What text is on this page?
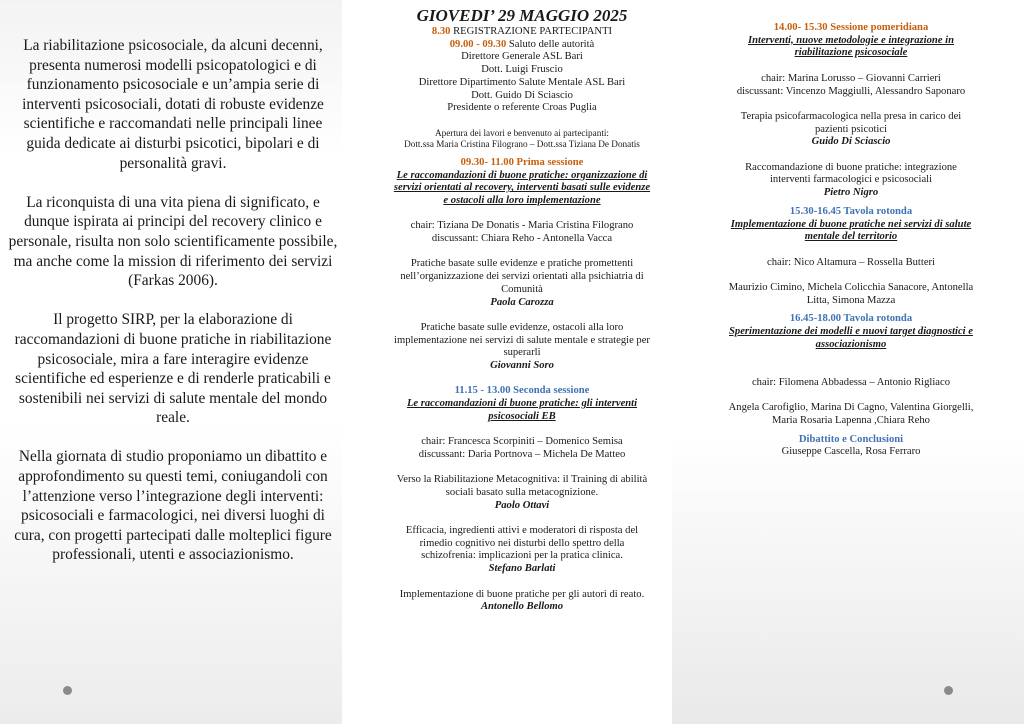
La riabilitazione psicosociale, da alcuni decenni, presenta numerosi modelli psicopatologici e di funzionamento psicosociale e un’ampia serie di interventi psicosociali, dotati di robuste evidenze scientifiche e raccomandati nelle principali linee guida dedicate ai disturbi psicotici, bipolari e di personalità gravi.

La riconquista di una vita piena di significato, e dunque ispirata ai principi del recovery clinico e personale, risulta non solo scientificamente possibile, ma anche come la mission di riferimento dei servizi (Farkas 2006).

Il progetto SIRP, per la elaborazione di raccomandazioni di buone pratiche in riabilitazione psicosociale, mira a fare interagire evidenze scientifiche ed esperienze e di renderle praticabili e sostenibili nei servizi di salute mentale del mondo reale.

Nella giornata di studio proponiamo un dibattito e approfondimento su questi temi, coniugandoli con l’attenzione verso l’integrazione degli interventi: psicosociali e farmacologici, nei diversi luoghi di cura, con progetti partecipati dalle molteplici figure professionali, utenti e associazionismo.

GIOVEDI’ 29 MAGGIO 2025
8.30 REGISTRAZIONE PARTECIPANTI
09.00 - 09.30 Saluto delle autorità
Direttore Generale ASL Bari
Dott. Luigi Fruscio
Direttore Dipartimento Salute Mentale ASL Bari
Dott. Guido Di Sciascio
Presidente o referente Croas Puglia
Apertura dei lavori e benvenuto ai partecipanti:
Dott.ssa Maria Cristina Filograno – Dott.ssa Tiziana De Donatis
09.30- 11.00 Prima sessione
Le raccomandazioni di buone pratiche: organizzazione di
servizi orientati al recovery, interventi basati sulle evidenze
e ostacoli alla loro implementazione
chair: Tiziana De Donatis - Maria Cristina Filograno
discussant: Chiara Reho - Antonella Vacca
Pratiche basate sulle evidenze e pratiche promettenti
nell’organizzazione dei servizi orientati alla psichiatria di
Comunità
Paola Carozza
Pratiche basate sulle evidenze, ostacoli alla loro
implementazione nei servizi di salute mentale e strategie per
superarli
Giovanni Soro
11.15 - 13.00 Seconda sessione
Le raccomandazioni di buone pratiche: gli interventi
psicosociali EB
chair: Francesca Scorpiniti – Domenico Semisa
discussant: Daria Portnova – Michela De Matteo
Verso la Riabilitazione Metacognitiva: il Training di abilità
sociali basato sulla metacognizione.
Paolo Ottavi
Efficacia, ingredienti attivi e moderatori di risposta del
rimedio cognitivo nei disturbi dello spettro della
schizofrenia: implicazioni per la pratica clinica.
Stefano Barlati
Implementazione di buone pratiche per gli autori di reato.
Antonello Bellomo
14.00- 15.30 Sessione pomeridiana
Interventi, nuove metodologie e integrazione in
riabilitazione psicosociale
chair: Marina Lorusso – Giovanni Carrieri
discussant: Vincenzo Maggiulli, Alessandro Saponaro
Terapia psicofarmacologica nella presa in carico dei
pazienti psicotici
Guido Di Sciascio
Raccomandazione di buone pratiche: integrazione
interventi farmacologici e psicosociali
Pietro Nigro
15.30-16.45 Tavola rotonda
Implementazione di buone pratiche nei servizi di salute
mentale del territorio
chair: Nico Altamura – Rossella Butteri
Maurizio Cimino, Michela Colicchia Sanacore, Antonella
Litta, Simona Mazza
16.45-18.00 Tavola rotonda
Sperimentazione dei modelli e nuovi target diagnostici e
associazionismo
chair: Filomena Abbadessa – Antonio Rigliaco
Angela Carofiglio, Marina Di Cagno, Valentina Giorgelli,
Maria Rosaria Lapenna ,Chiara Reho
Dibattito e Conclusioni
Giuseppe Cascella, Rosa Ferraro
